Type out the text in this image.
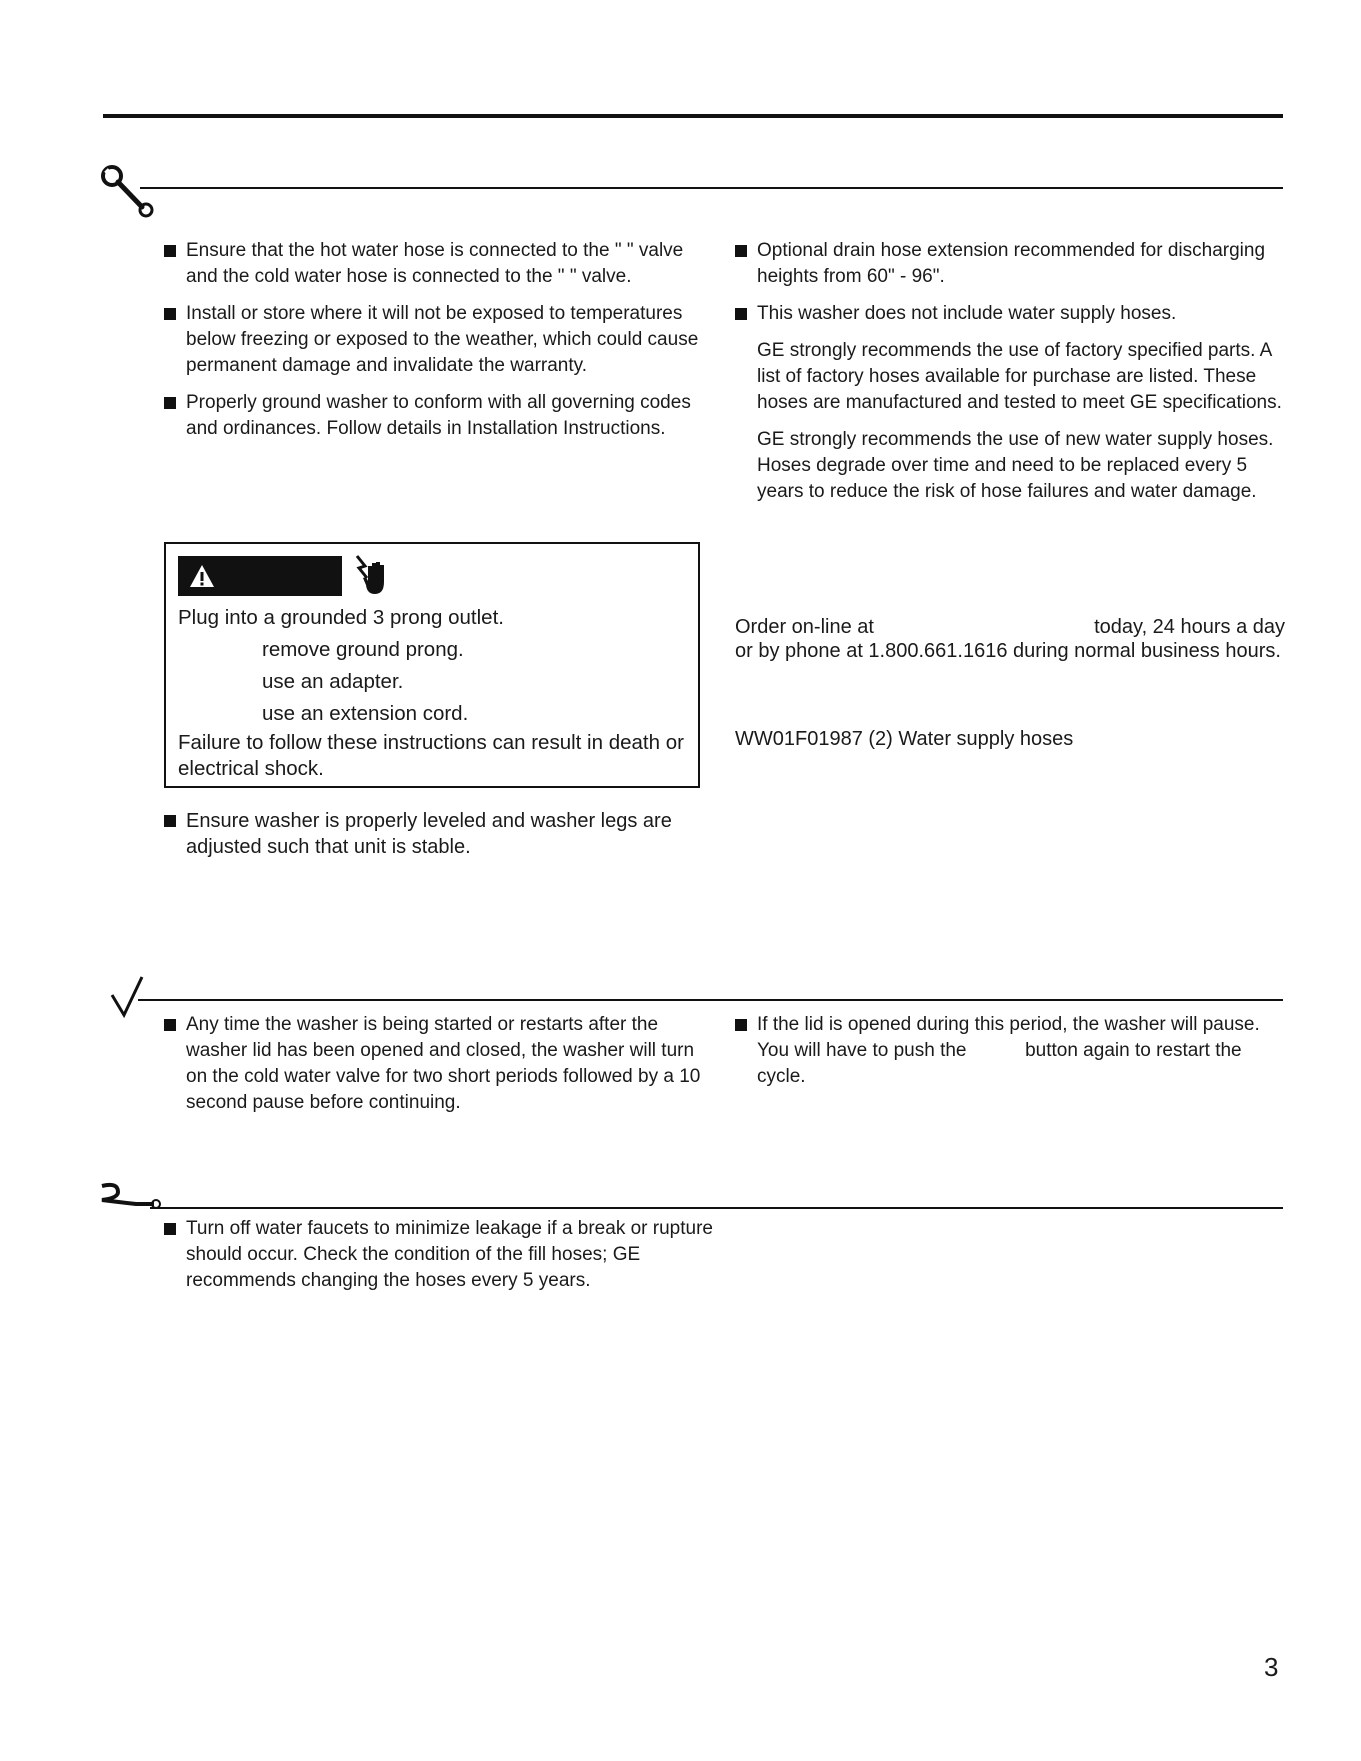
Ensure that the hot water hose is connected to the " " valve and the cold water hose is connected to the " " valve.
Install or store where it will not be exposed to temperatures below freezing or exposed to the weather, which could cause permanent damage and invalidate the warranty.
Properly ground washer to conform with all governing codes and ordinances. Follow details in Installation Instructions.
Plug into a grounded 3 prong outlet.
remove ground prong.
use an adapter.
use an extension cord.
Failure to follow these instructions can result in death or electrical shock.
Ensure washer is properly leveled and washer legs are adjusted such that unit is stable.
Optional drain hose extension recommended for discharging heights from 60" - 96".
This washer does not include water supply hoses.
GE strongly recommends the use of factory specified parts. A list of factory hoses available for purchase are listed. These hoses are manufactured and tested to meet GE specifications.
GE strongly recommends the use of new water supply hoses. Hoses degrade over time and need to be replaced every 5 years to reduce the risk of hose failures and water damage.
Order on-line at	today, 24 hours a day
or by phone at 1.800.661.1616 during normal business hours.
WW01F01987 (2) Water supply hoses
Any time the washer is being started or restarts after the washer lid has been opened and closed, the washer will turn on the cold water valve for two short periods followed by a 10 second pause before continuing.
If the lid is opened during this period, the washer will pause. You will have to push the	button again to restart the cycle.
Turn off water faucets to minimize leakage if a break or rupture should occur. Check the condition of the fill hoses; GE recommends changing the hoses every 5 years.
3
